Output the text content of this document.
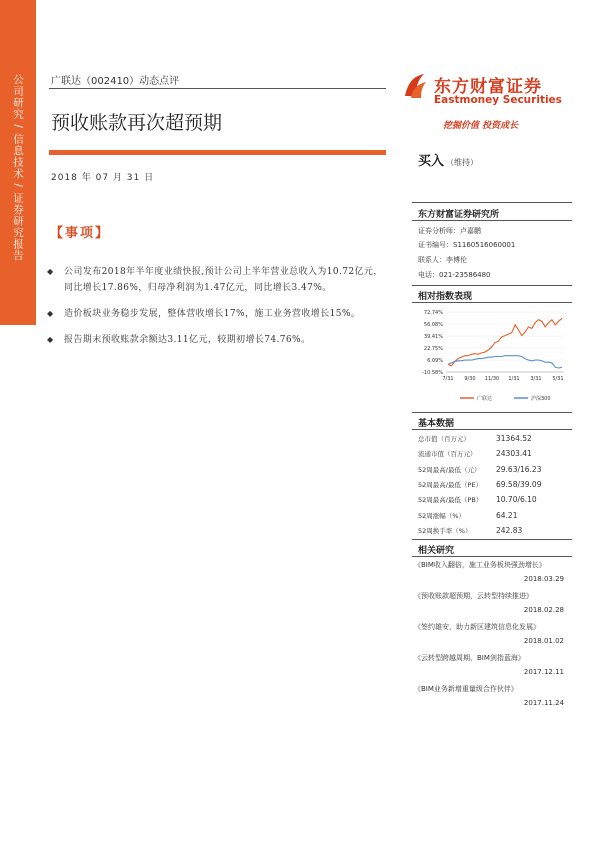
公司研究 / 信息技术 / 证券研究报告	广联达（002410）动态点评
预收账款再次超预期
2018 年 07 月 31 日
【事项】
◆	公司发布2018年半年度业绩快报,预计公司上半年营业总收入为10.72亿元，同比增长17.86%，归母净利润为1.47亿元，同比增长3.47%。
◆	造价板块业务稳步发展，整体营收增长17%，施工业务营收增长15%。
◆	报告期末预收账款余额达3.11亿元，较期初增长74.76%。
东方财富证券
Eastmoney Securities
挖掘价值 投资成长
买入 （维持）
东方财富证券研究所
证券分析师：卢嘉鹏
证书编号：S1160516060001
联系人：李博伦
电话：021-23586480
相对指数表现
72.74%
56.08%
39.41%
22.75%
6.09%
-10.58%
7/31 9/30 11/30 1/31 3/31 5/31
广联达	沪深300
基本数据
总市值（百万元）	31364.52
流通市值（百万元）	24303.41
52周最高/最低（元） 29.63/16.23
52周最高/最低（PE） 69.58/39.09
52周最高/最低（PB） 10.70/6.10
52周涨幅（%）	64.21
52周换手率（%）	242.83
相关研究
《BIM收入翻倍，施工业务板块强劲增长》
2018.03.29
《预收账款超预期，云转型持续推进》
2018.02.28
《签约雄安，助力新区建筑信息化发展》
2018.01.02
《云转型跨越周期，BIM剑指蓝海》
2017.12.11
《BIM业务新增重量级合作伙伴》
2017.11.24
